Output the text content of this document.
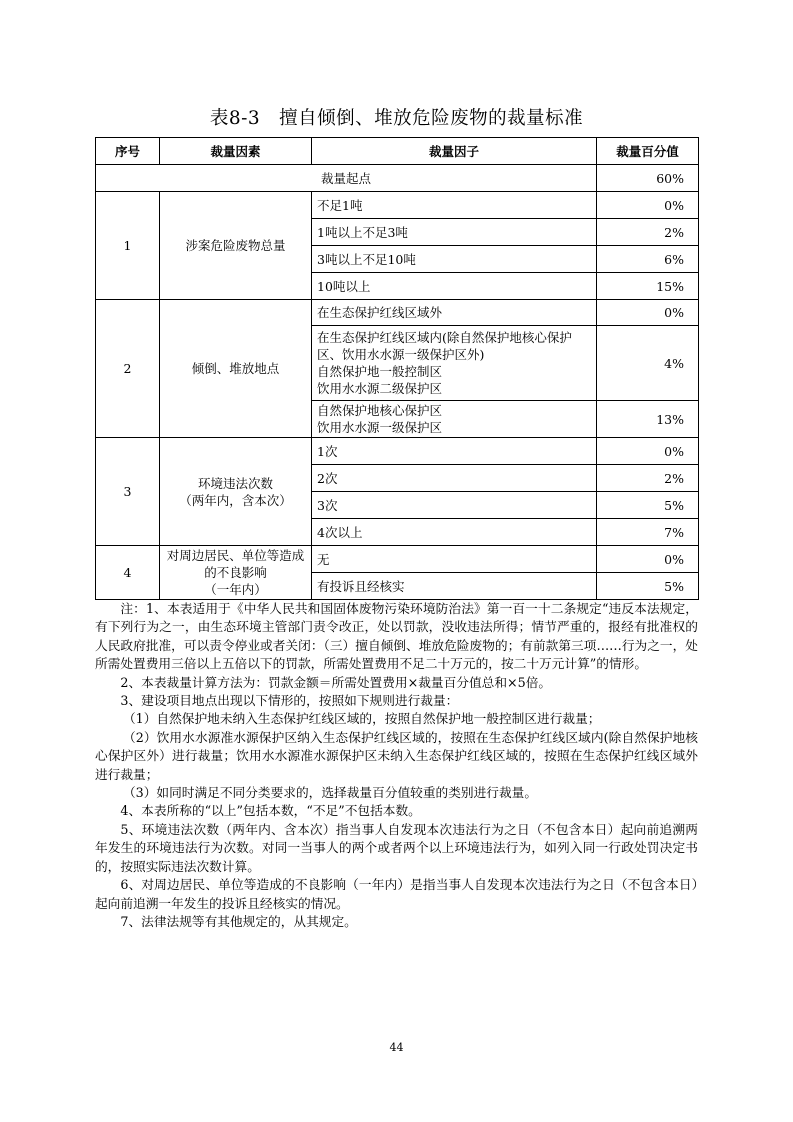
表8-3　擅自倾倒、堆放危险废物的裁量标准
序号	裁量因素	裁量因子	裁量百分值
裁量起点			60%
1	涉案危险废物总量	不足1吨	0%
		1吨以上不足3吨	2%
		3吨以上不足10吨	6%
		10吨以上	15%
2	倾倒、堆放地点	在生态保护红线区域外	0%
		在生态保护红线区域内(除自然保护地核心保护区、饮用水水源一级保护区外)
自然保护地一般控制区
饮用水水源二级保护区	4%
		自然保护地核心保护区
饮用水水源一级保护区	13%
3	环境违法次数
（两年内，含本次）	1次	0%
		2次	2%
		3次	5%
		4次以上	7%
4	对周边居民、单位等造成的不良影响
（一年内）	无	0%
		有投诉且经核实	5%

注：1、本表适用于《中华人民共和国固体废物污染环境防治法》第一百一十二条规定“违反本法规定，有下列行为之一，由生态环境主管部门责令改正，处以罚款，没收违法所得；情节严重的，报经有批准权的人民政府批准，可以责令停业或者关闭：（三）擅自倾倒、堆放危险废物的；有前款第三项……行为之一，处所需处置费用三倍以上五倍以下的罚款，所需处置费用不足二十万元的，按二十万元计算”的情形。

2、本表裁量计算方法为：罚款金额＝所需处置费用×裁量百分值总和×5倍。

3、建设项目地点出现以下情形的，按照如下规则进行裁量：

（1）自然保护地未纳入生态保护红线区域的，按照自然保护地一般控制区进行裁量；

（2）饮用水水源准水源保护区纳入生态保护红线区域的，按照在生态保护红线区域内(除自然保护地核心保护区外）进行裁量；饮用水水源准水源保护区未纳入生态保护红线区域的，按照在生态保护红线区域外进行裁量；

（3）如同时满足不同分类要求的，选择裁量百分值较重的类别进行裁量。

4、本表所称的“以上”包括本数，“不足”不包括本数。

5、环境违法次数（两年内、含本次）指当事人自发现本次违法行为之日（不包含本日）起向前追溯两年发生的环境违法行为次数。对同一当事人的两个或者两个以上环境违法行为，如列入同一行政处罚决定书的，按照实际违法次数计算。

6、对周边居民、单位等造成的不良影响（一年内）是指当事人自发现本次违法行为之日（不包含本日）起向前追溯一年发生的投诉且经核实的情况。

7、法律法规等有其他规定的，从其规定。

44
